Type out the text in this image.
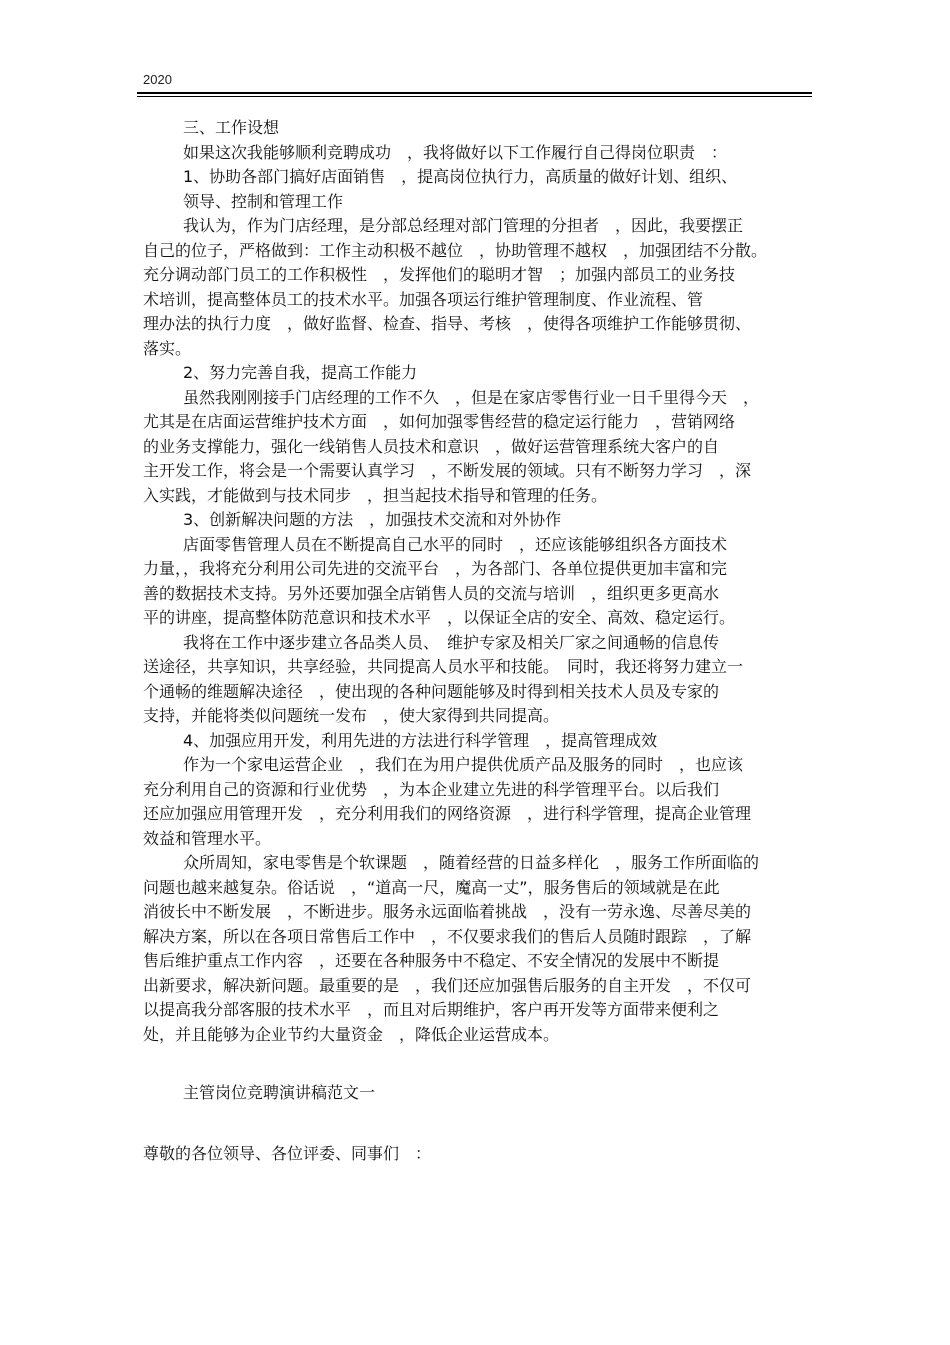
2020

三、工作设想

如果这次我能够顺利竞聘成功　，我将做好以下工作履行自己得岗位职责　：

1、协助各部门搞好店面销售　，提高岗位执行力，高质量的做好计划、组织、

领导、控制和管理工作

我认为，作为门店经理，是分部总经理对部门管理的分担者　，因此，我要摆正

自己的位子，严格做到：工作主动积极不越位　，协助管理不越权　，加强团结不分散。

充分调动部门员工的工作积极性　，发挥他们的聪明才智　；加强内部员工的业务技

术培训，提高整体员工的技术水平。加强各项运行维护管理制度、作业流程、管

理办法的执行力度　，做好监督、检查、指导、考核　，使得各项维护工作能够贯彻、

落实。

2、努力完善自我，提高工作能力

虽然我刚刚接手门店经理的工作不久　，但是在家店零售行业一日千里得今天　，

尤其是在店面运营维护技术方面　，如何加强零售经营的稳定运行能力　，营销网络

的业务支撑能力，强化一线销售人员技术和意识　，做好运营管理系统大客户的自

主开发工作，将会是一个需要认真学习　，不断发展的领域。只有不断努力学习　，深

入实践，才能做到与技术同步　，担当起技术指导和管理的任务。

3、创新解决问题的方法　，加强技术交流和对外协作

店面零售管理人员在不断提高自己水平的同时　，还应该能够组织各方面技术

力量，，我将充分利用公司先进的交流平台　，为各部门、各单位提供更加丰富和完

善的数据技术支持。另外还要加强全店销售人员的交流与培训　，组织更多更高水

平的讲座，提高整体防范意识和技术水平　，以保证全店的安全、高效、稳定运行。

我将在工作中逐步建立各品类人员、　维护专家及相关厂家之间通畅的信息传

送途径，共享知识，共享经验，共同提高人员水平和技能。　同时，我还将努力建立一

个通畅的维题解决途径　，使出现的各种问题能够及时得到相关技术人员及专家的

支持，并能将类似问题统一发布　，使大家得到共同提高。

4、加强应用开发，利用先进的方法进行科学管理　，提高管理成效

作为一个家电运营企业　，我们在为用户提供优质产品及服务的同时　，也应该

充分利用自己的资源和行业优势　，为本企业建立先进的科学管理平台。以后我们

还应加强应用管理开发　，充分利用我们的网络资源　，进行科学管理，提高企业管理

效益和管理水平。

众所周知，家电零售是个软课题　，随着经营的日益多样化　，服务工作所面临的

问题也越来越复杂。俗话说　，“道高一尺，魔高一丈”，服务售后的领域就是在此

消彼长中不断发展　，不断进步。服务永远面临着挑战　，没有一劳永逸、尽善尽美的

解决方案，所以在各项日常售后工作中　，不仅要求我们的售后人员随时跟踪　，了解

售后维护重点工作内容　，还要在各种服务中不稳定、不安全情况的发展中不断提

出新要求，解决新问题。最重要的是　，我们还应加强售后服务的自主开发　，不仅可

以提高我分部客服的技术水平　，而且对后期维护，客户再开发等方面带来便利之

处，并且能够为企业节约大量资金　，降低企业运营成本。

主管岗位竞聘演讲稿范文一

尊敬的各位领导、各位评委、同事们　：
